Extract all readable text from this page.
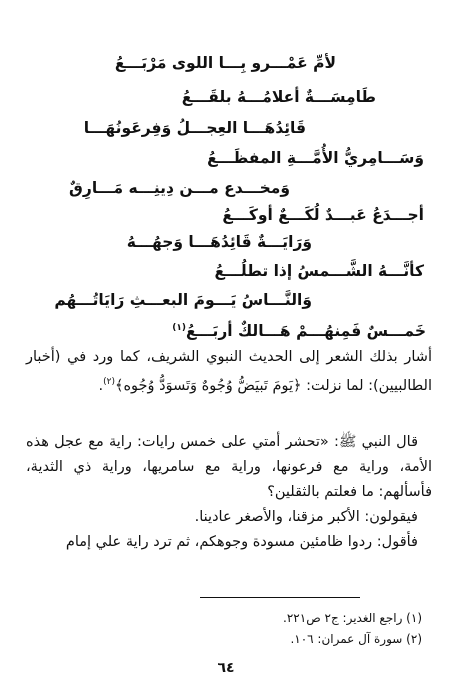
لأمِّ عَمْـــرو بِـــا اللوى مَرْبَـــعُ
طَامِسَـــةٌ أعلامُـــهُ بلقَـــعُ
قَائِدُهَـــا العِجـــلُ وَفِرعَونُهَـــا
وَسَـــامِريُّ الأُمَّـــةِ المفظَـــعُ
وَمخـــدع مـــن دِينِـــه مَـــارِقٌ
أجـــدَعُ عَبـــدٌ لُكَـــعٌ أوكَـــعُ
وَرَايَـــةٌ قَائِدُهَـــا وَجهُـــهُ
كأنَّـــهُ الشَّـــمسُ إذا تطلُـــعُ
وَالنَّـــاسُ يَـــومَ البعـــثِ رَايَاتُـــهُم
خَمـــسٌ فَمِنهُـــمْ هَـــالكٌ أربَـــعُ$^{(١)}$

أشار بذلك الشعر إلى الحديث النبوي الشريف، كما ورد في (أخبار الطالبيين): لما نزلت: ﴿يَومَ تَبيَضُّ وُجُوهٌ وَتَسوَدُّ وُجُوه﴾$^{(٢)}$.

قال النبي ﷺ: «تحشر أمتي على خمس رايات: راية مع عجل هذه الأمة، وراية مع فرعونها، وراية مع سامريها، وراية ذي الثدية، فأسألهم: ما فعلتم بالثقلين؟

فيقولون: الأكبر مزقنا، والأصغر عادينا.

فأقول: ردوا ظامئين مسودة وجوهكم، ثم ترد راية علي إمام

(١) راجع الغدير: ج٢ ص٢٢١.
(٢) سورة آل عمران: ١٠٦.
٦٤
